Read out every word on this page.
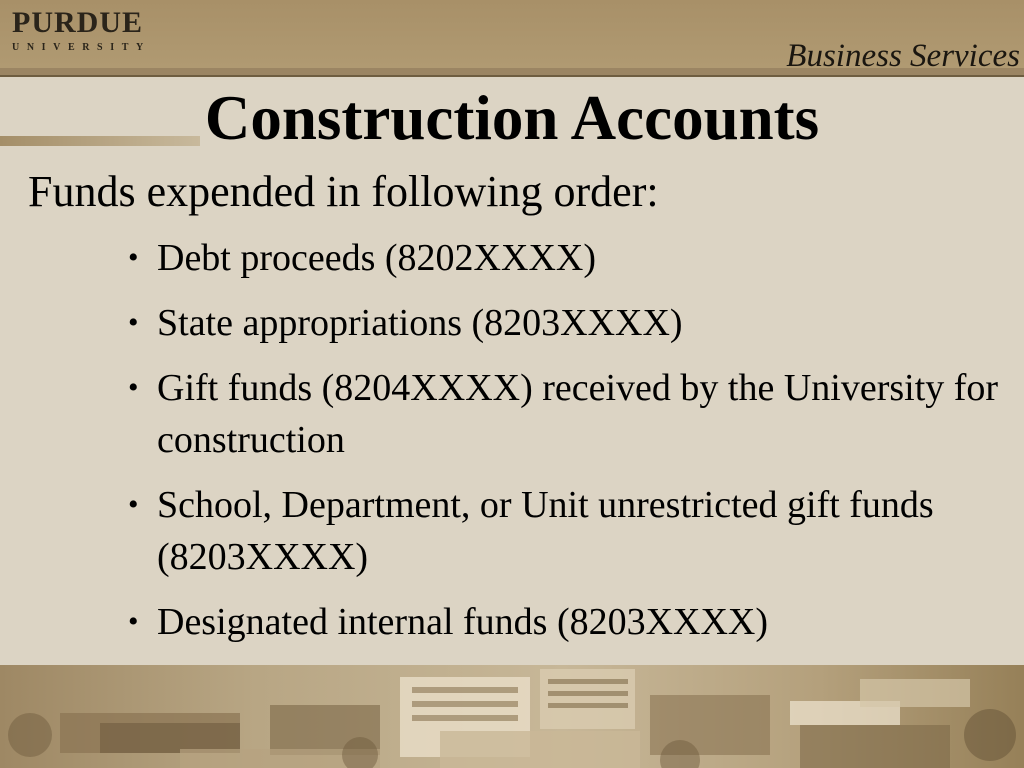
PURDUE
UNIVERSITY	Business Services
Construction Accounts
Funds expended in following order:
• Debt proceeds (8202XXXX)
• State appropriations (8203XXXX)
• Gift funds (8204XXXX) received by the University for construction
• School, Department, or Unit unrestricted gift funds (8203XXXX)
• Designated internal funds (8203XXXX)
